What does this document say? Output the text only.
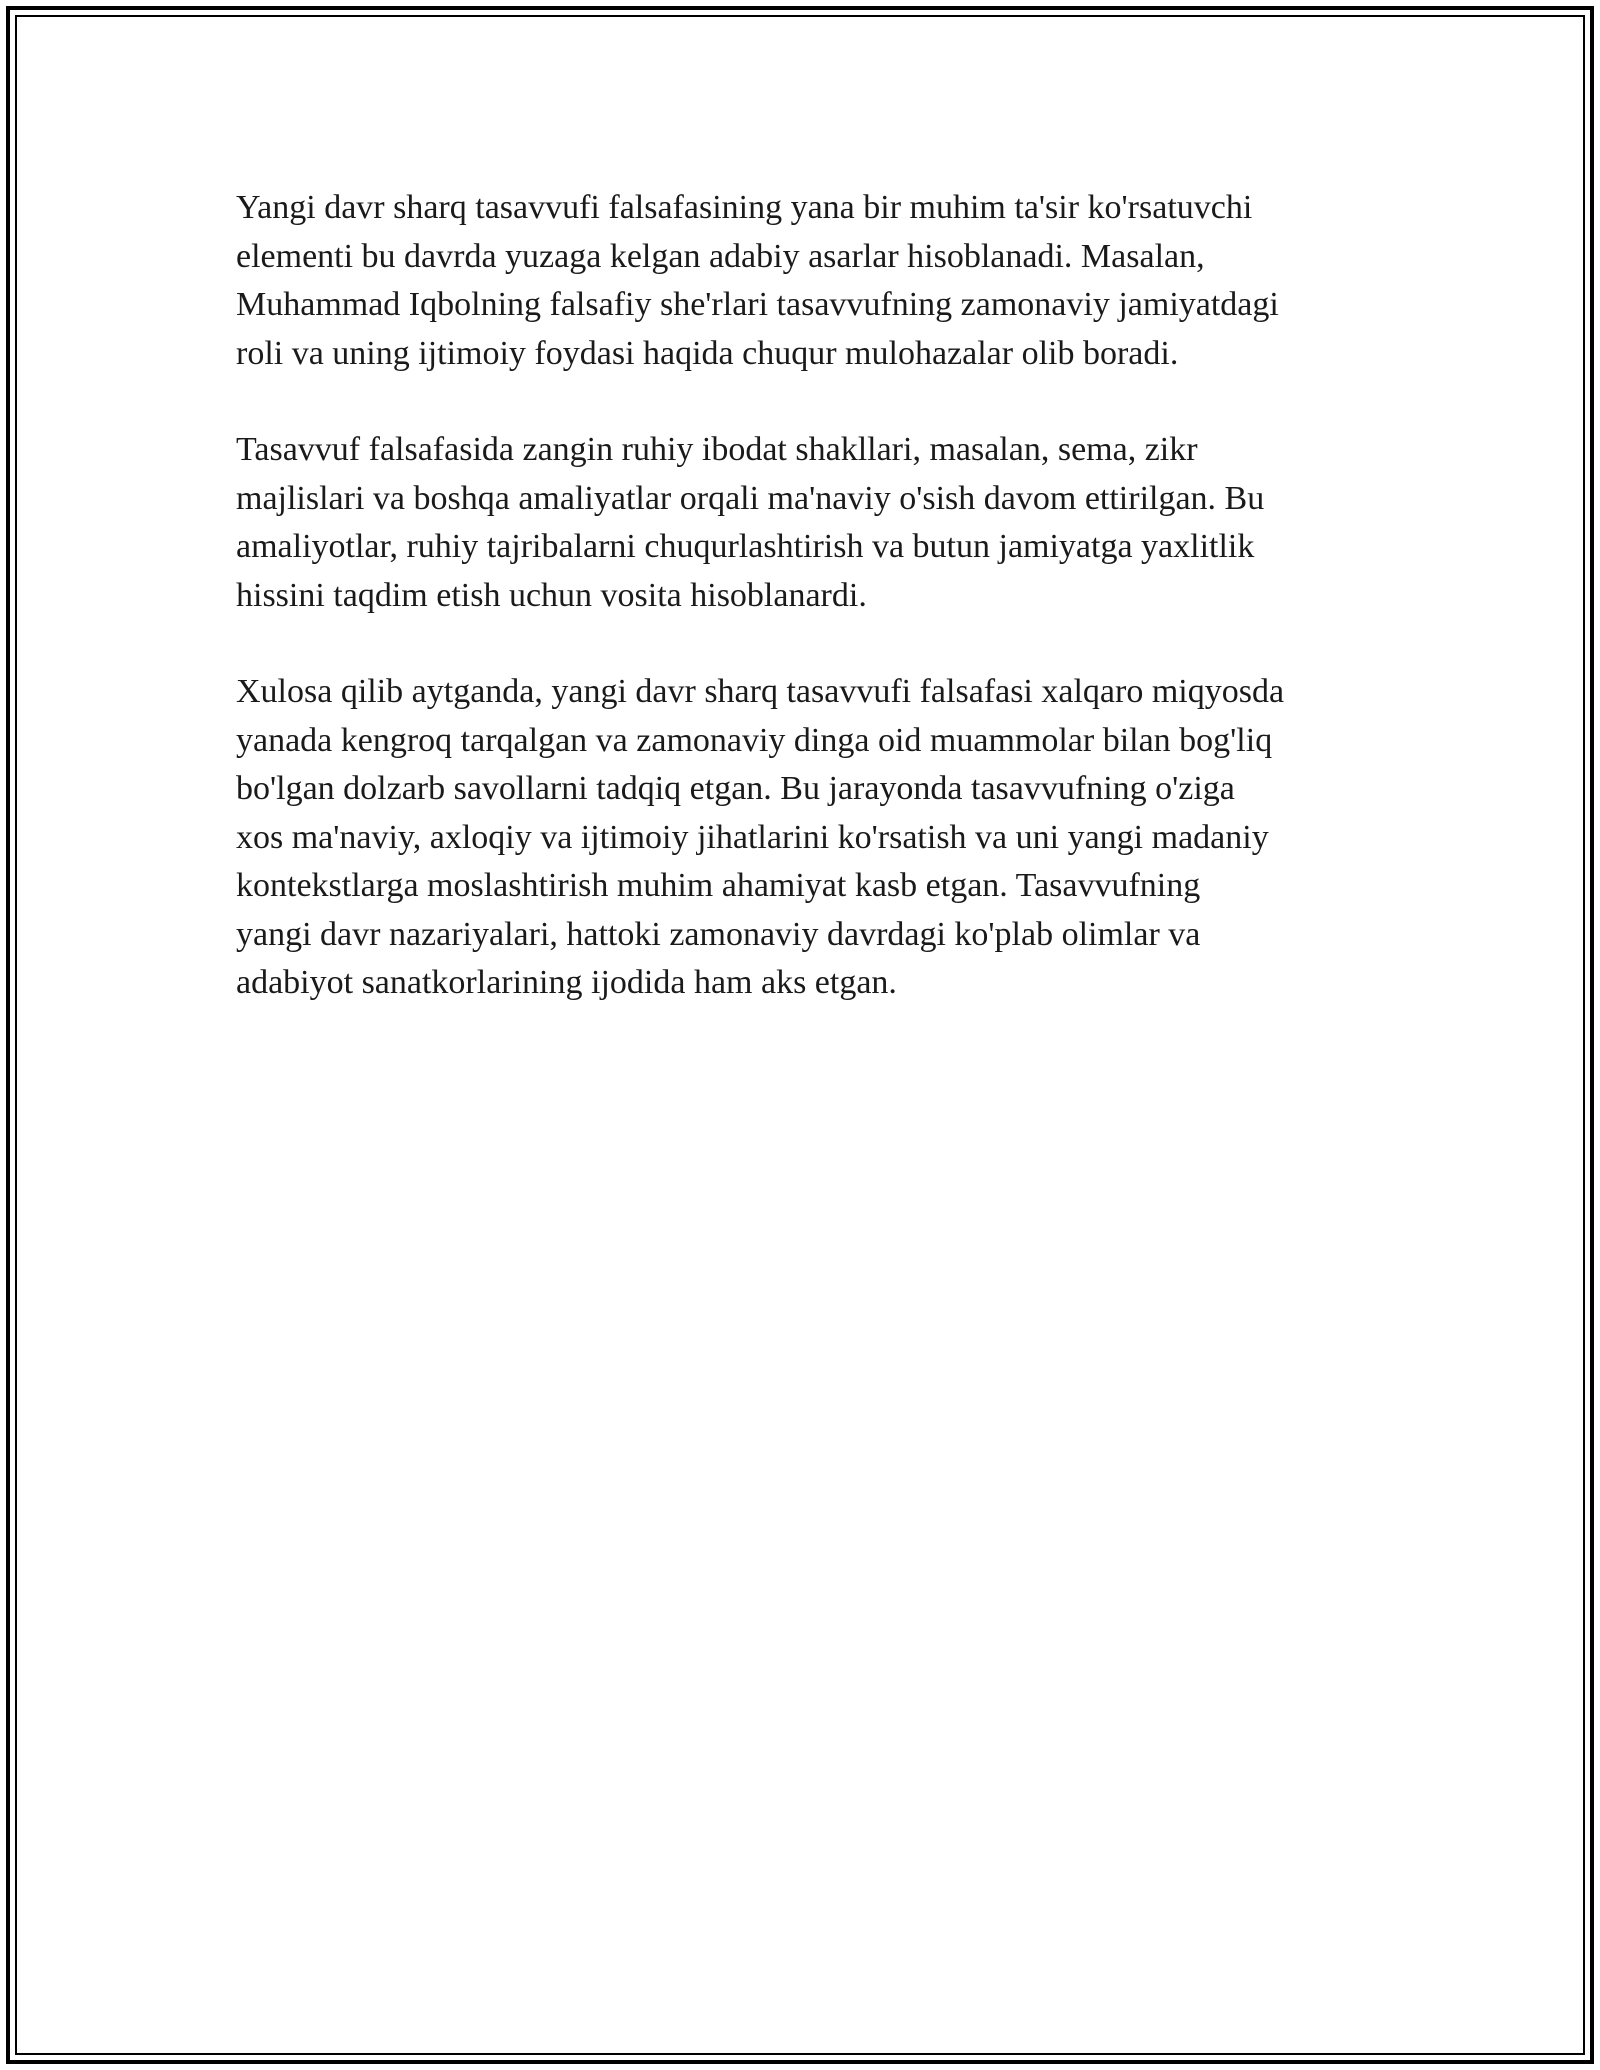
Yangi davr sharq tasavvufi falsafasining yana bir muhim ta'sir ko'rsatuvchi
elementi bu davrda yuzaga kelgan adabiy asarlar hisoblanadi. Masalan,
Muhammad Iqbolning falsafiy she'rlari tasavvufning zamonaviy jamiyatdagi
roli va uning ijtimoiy foydasi haqida chuqur mulohazalar olib boradi.

Tasavvuf falsafasida zangin ruhiy ibodat shakllari, masalan, sema, zikr
majlislari va boshqa amaliyatlar orqali ma'naviy o'sish davom ettirilgan. Bu
amaliyotlar, ruhiy tajribalarni chuqurlashtirish va butun jamiyatga yaxlitlik
hissini taqdim etish uchun vosita hisoblanardi.

Xulosa qilib aytganda, yangi davr sharq tasavvufi falsafasi xalqaro miqyosda
yanada kengroq tarqalgan va zamonaviy dinga oid muammolar bilan bog'liq
bo'lgan dolzarb savollarni tadqiq etgan. Bu jarayonda tasavvufning o'ziga
xos ma'naviy, axloqiy va ijtimoiy jihatlarini ko'rsatish va uni yangi madaniy
kontekstlarga moslashtirish muhim ahamiyat kasb etgan. Tasavvufning
yangi davr nazariyalari, hattoki zamonaviy davrdagi ko'plab olimlar va
adabiyot sanatkorlarining ijodida ham aks etgan.
